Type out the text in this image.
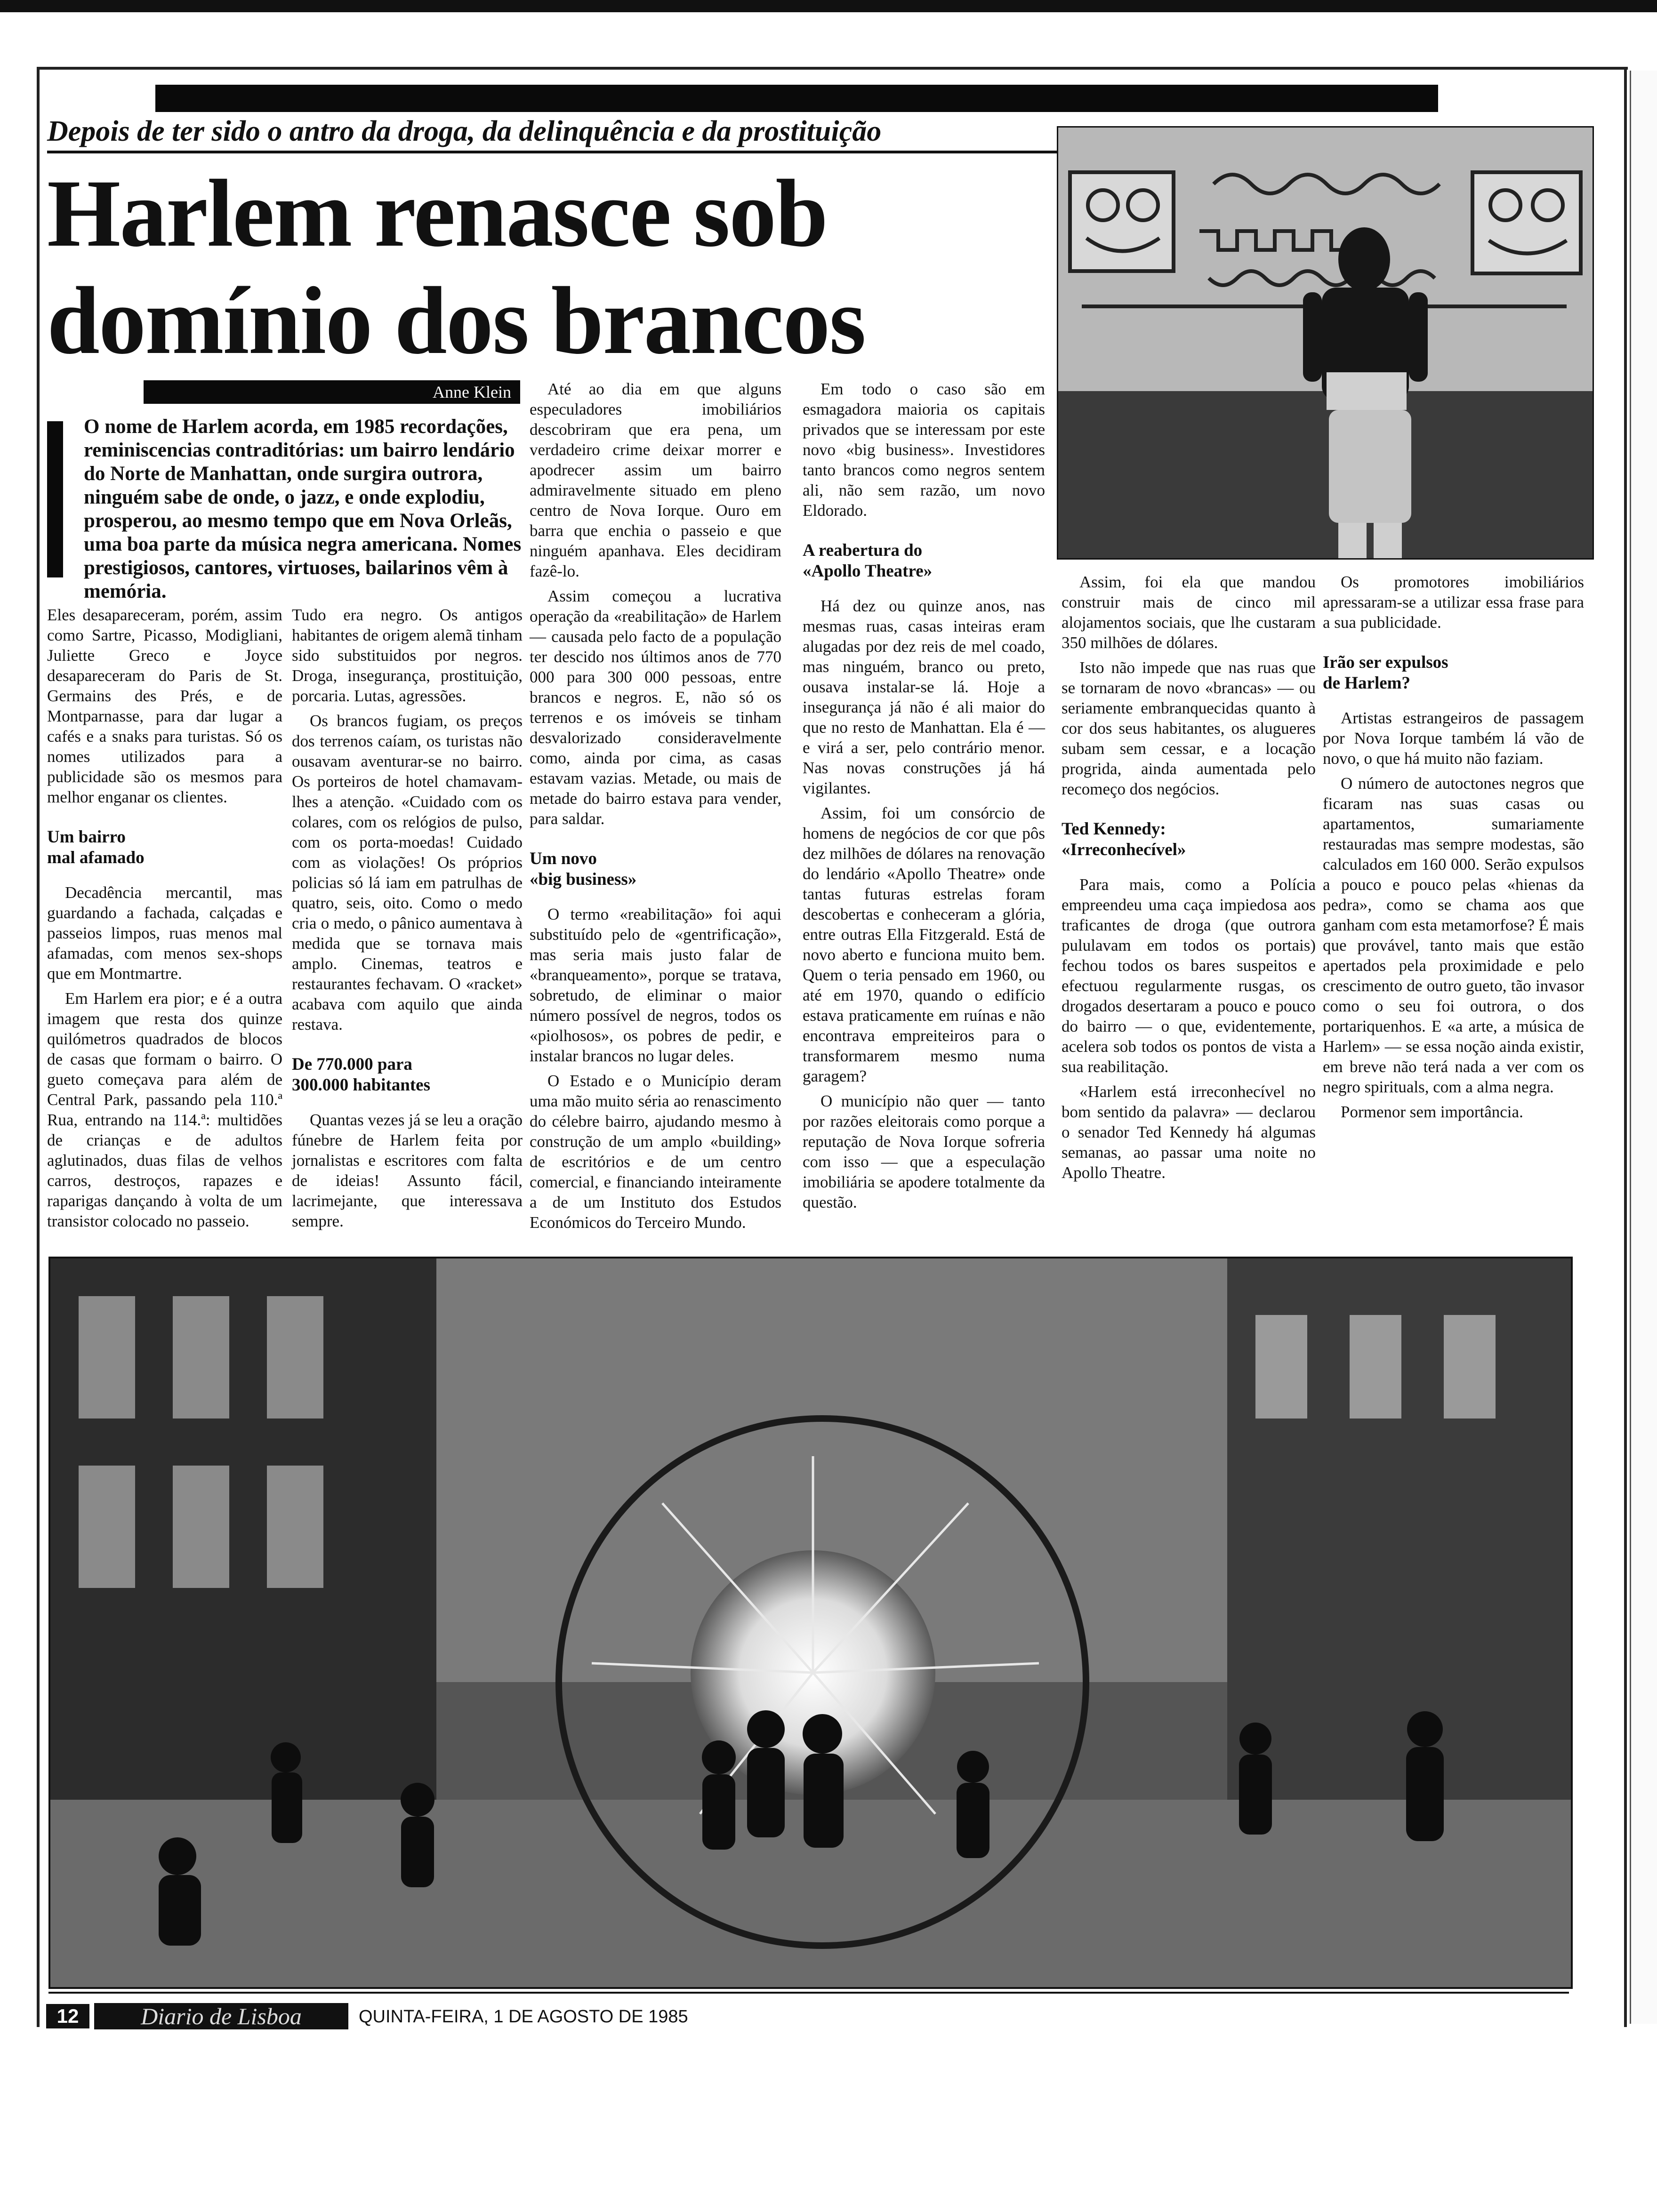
Depois de ter sido o antro da droga, da delinquência e da prostituição
Harlem renasce sob
domínio dos brancos
Anne Klein
O nome de Harlem acorda, em 1985 recordações, reminiscencias contraditórias: um bairro lendário do Norte de Manhattan, onde surgira outrora, ninguém sabe de onde, o jazz, e onde explodiu, prosperou, ao mesmo tempo que em Nova Orleãs, uma boa parte da música negra americana. Nomes prestigiosos, cantores, virtuoses, bailarinos vêm à memória.

Eles desapareceram, porém, assim como Sartre, Picasso, Modigliani, Juliette Greco e Joyce desapareceram do Paris de St. Germains des Prés, e de Montparnasse, para dar lugar a cafés e a snaks para turistas. Só os nomes utilizados para a publicidade são os mesmos para melhor enganar os clientes.

Um bairro
mal afamado

Decadência mercantil, mas guardando a fachada, calçadas e passeios limpos, ruas menos mal afamadas, com menos sex-shops que em Montmartre.

Em Harlem era pior; e é a outra imagem que resta dos quinze quilómetros quadrados de blocos de casas que formam o bairro. O gueto começava para além de Central Park, passando pela 110.ª Rua, entrando na 114.ª: multidões de crianças e de adultos aglutinados, duas filas de velhos carros, destroços, rapazes e raparigas dançando à volta de um transistor colocado no passeio.

Tudo era negro. Os antigos habitantes de origem alemã tinham sido substituidos por negros. Droga, insegurança, prostituição, porcaria. Lutas, agressões.

Os brancos fugiam, os preços dos terrenos caíam, os turistas não ousavam aventurar-se no bairro. Os porteiros de hotel chamavam-lhes a atenção. «Cuidado com os colares, com os relógios de pulso, com os porta-moedas! Cuidado com as violações! Os próprios policias só lá iam em patrulhas de quatro, seis, oito. Como o medo cria o medo, o pânico aumentava à medida que se tornava mais amplo. Cinemas, teatros e restaurantes fechavam. O «racket» acabava com aquilo que ainda restava.

De 770.000 para
300.000 habitantes

Quantas vezes já se leu a oração fúnebre de Harlem feita por jornalistas e escritores com falta de ideias! Assunto fácil, lacrimejante, que interessava sempre.

Até ao dia em que alguns especuladores imobiliários descobriram que era pena, um verdadeiro crime deixar morrer e apodrecer assim um bairro admiravelmente situado em pleno centro de Nova Iorque. Ouro em barra que enchia o passeio e que ninguém apanhava. Eles decidiram fazê-lo.

Assim começou a lucrativa operação da «reabilitação» de Harlem — causada pelo facto de a população ter descido nos últimos anos de 770 000 para 300 000 pessoas, entre brancos e negros. E, não só os terrenos e os imóveis se tinham desvalorizado consideravelmente como, ainda por cima, as casas estavam vazias. Metade, ou mais de metade do bairro estava para vender, para saldar.

Um novo
«big business»

O termo «reabilitação» foi aqui substituído pelo de «gentrificação», mas seria mais justo falar de «branqueamento», porque se tratava, sobretudo, de eliminar o maior número possível de negros, todos os «piolhosos», os pobres de pedir, e instalar brancos no lugar deles.

O Estado e o Município deram uma mão muito séria ao renascimento do célebre bairro, ajudando mesmo à construção de um amplo «building» de escritórios e de um centro comercial, e financiando inteiramente a de um Instituto dos Estudos Económicos do Terceiro Mundo.

Em todo o caso são em esmagadora maioria os capitais privados que se interessam por este novo «big business». Investidores tanto brancos como negros sentem ali, não sem razão, um novo Eldorado.

A reabertura do
«Apollo Theatre»

Há dez ou quinze anos, nas mesmas ruas, casas inteiras eram alugadas por dez reis de mel coado, mas ninguém, branco ou preto, ousava instalar-se lá. Hoje a insegurança já não é ali maior do que no resto de Manhattan. Ela é — e virá a ser, pelo contrário menor. Nas novas construções já há vigilantes.

Assim, foi um consórcio de homens de negócios de cor que pôs dez milhões de dólares na renovação do lendário «Apollo Theatre» onde tantas futuras estrelas foram descobertas e conheceram a glória, entre outras Ella Fitzgerald. Está de novo aberto e funciona muito bem. Quem o teria pensado em 1960, ou até em 1970, quando o edifício estava praticamente em ruínas e não encontrava empreiteiros para o transformarem mesmo numa garagem?

O município não quer — tanto por razões eleitorais como porque a reputação de Nova Iorque sofreria com isso — que a especulação imobiliária se apodere totalmente da questão.

Assim, foi ela que mandou construir mais de cinco mil alojamentos sociais, que lhe custaram 350 milhões de dólares.

Isto não impede que nas ruas que se tornaram de novo «brancas» — ou seriamente embranquecidas quanto à cor dos seus habitantes, os alugueres subam sem cessar, e a locação progrida, ainda aumentada pelo recomeço dos negócios.

Ted Kennedy:
«Irreconhecível»

Para mais, como a Polícia empreendeu uma caça impiedosa aos traficantes de droga (que outrora pululavam em todos os portais) fechou todos os bares suspeitos e efectuou regularmente rusgas, os drogados desertaram a pouco e pouco do bairro — o que, evidentemente, acelera sob todos os pontos de vista a sua reabilitação.

«Harlem está irreconhecível no bom sentido da palavra» — declarou o senador Ted Kennedy há algumas semanas, ao passar uma noite no Apollo Theatre.

Os promotores imobiliários apressaram-se a utilizar essa frase para a sua publicidade.

Irão ser expulsos
de Harlem?

Artistas estrangeiros de passagem por Nova Iorque também lá vão de novo, o que há muito não faziam.

O número de autoctones negros que ficaram nas suas casas ou apartamentos, sumariamente restauradas mas sempre modestas, são calculados em 160 000. Serão expulsos a pouco e pouco pelas «hienas da pedra», como se chama aos que ganham com esta metamorfose? É mais que provável, tanto mais que estão apertados pela proximidade e pelo crescimento de outro gueto, tão invasor como o seu foi outrora, o dos portariquenhos. E «a arte, a música de Harlem» — se essa noção ainda existir, em breve não terá nada a ver com os negro spirituals, com a alma negra.

Pormenor sem importância.

12	Diario de Lisboa	QUINTA-FEIRA, 1 DE AGOSTO DE 1985
